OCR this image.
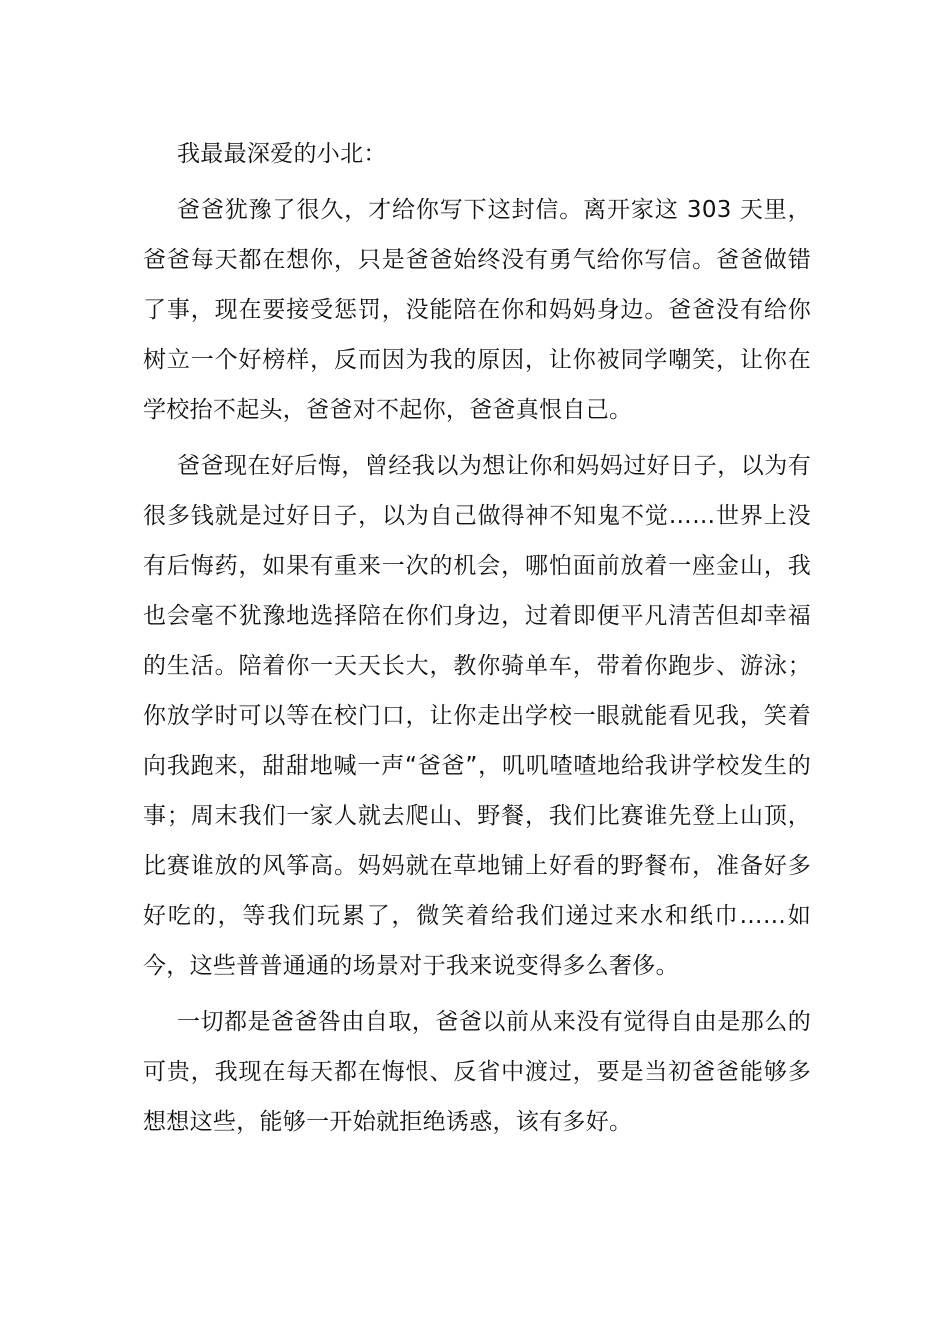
我最最深爱的小北：

爸爸犹豫了很久，才给你写下这封信。离开家这 303 天里，爸爸每天都在想你，只是爸爸始终没有勇气给你写信。爸爸做错了事，现在要接受惩罚，没能陪在你和妈妈身边。爸爸没有给你树立一个好榜样，反而因为我的原因，让你被同学嘲笑，让你在学校抬不起头，爸爸对不起你，爸爸真恨自己。

爸爸现在好后悔，曾经我以为想让你和妈妈过好日子，以为有很多钱就是过好日子，以为自己做得神不知鬼不觉……世界上没有后悔药，如果有重来一次的机会，哪怕面前放着一座金山，我也会毫不犹豫地选择陪在你们身边，过着即便平凡清苦但却幸福的生活。陪着你一天天长大，教你骑单车，带着你跑步、游泳；你放学时可以等在校门口，让你走出学校一眼就能看见我，笑着向我跑来，甜甜地喊一声“爸爸”，叽叽喳喳地给我讲学校发生的事；周末我们一家人就去爬山、野餐，我们比赛谁先登上山顶，比赛谁放的风筝高。妈妈就在草地铺上好看的野餐布，准备好多好吃的，等我们玩累了，微笑着给我们递过来水和纸巾……如今，这些普普通通的场景对于我来说变得多么奢侈。

一切都是爸爸咎由自取，爸爸以前从来没有觉得自由是那么的可贵，我现在每天都在悔恨、反省中渡过，要是当初爸爸能够多想想这些，能够一开始就拒绝诱惑，该有多好。
